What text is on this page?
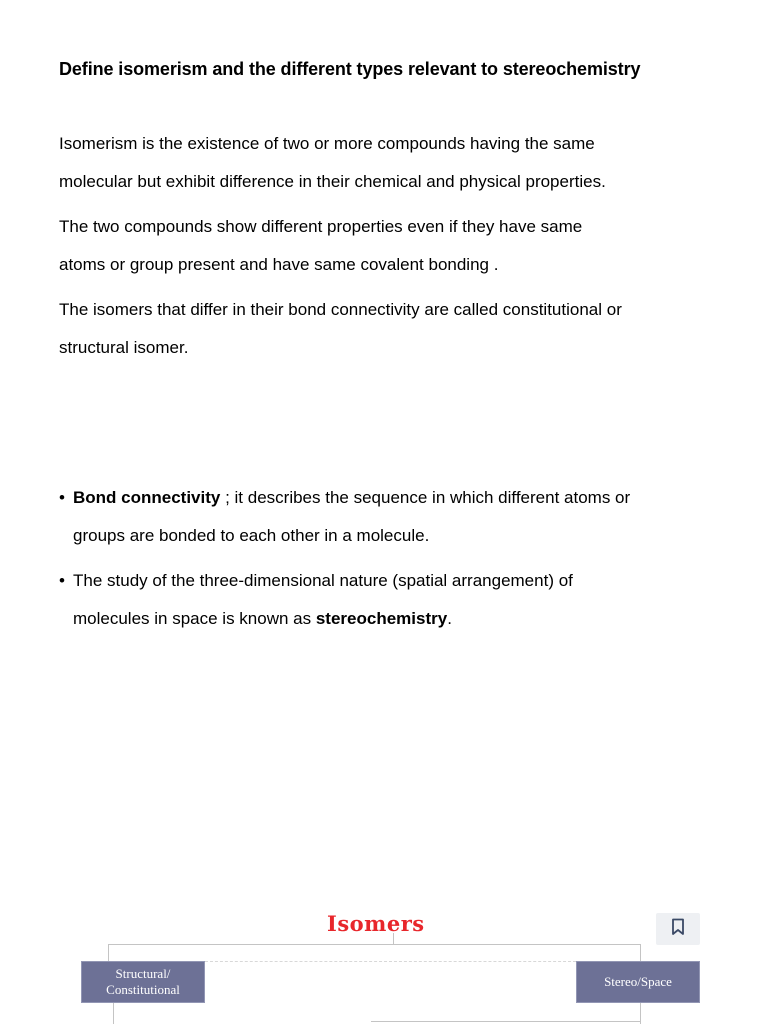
Define isomerism and the different types relevant to stereochemistry

Isomerism is the existence of two or more compounds having the same
molecular but exhibit difference in their chemical and physical properties.

The two compounds show different properties even if they have same
atoms or group present and have same covalent bonding .

The isomers that differ in their bond connectivity are called constitutional or
structural isomer.

• Bond connectivity ; it describes the sequence in which different atoms or
groups are bonded to each other in a molecule.
• The study of the three-dimensional nature (spatial arrangement) of
molecules in space is known as stereochemistry.
Isomers
Structural/
Constitutional
Stereo/Space
